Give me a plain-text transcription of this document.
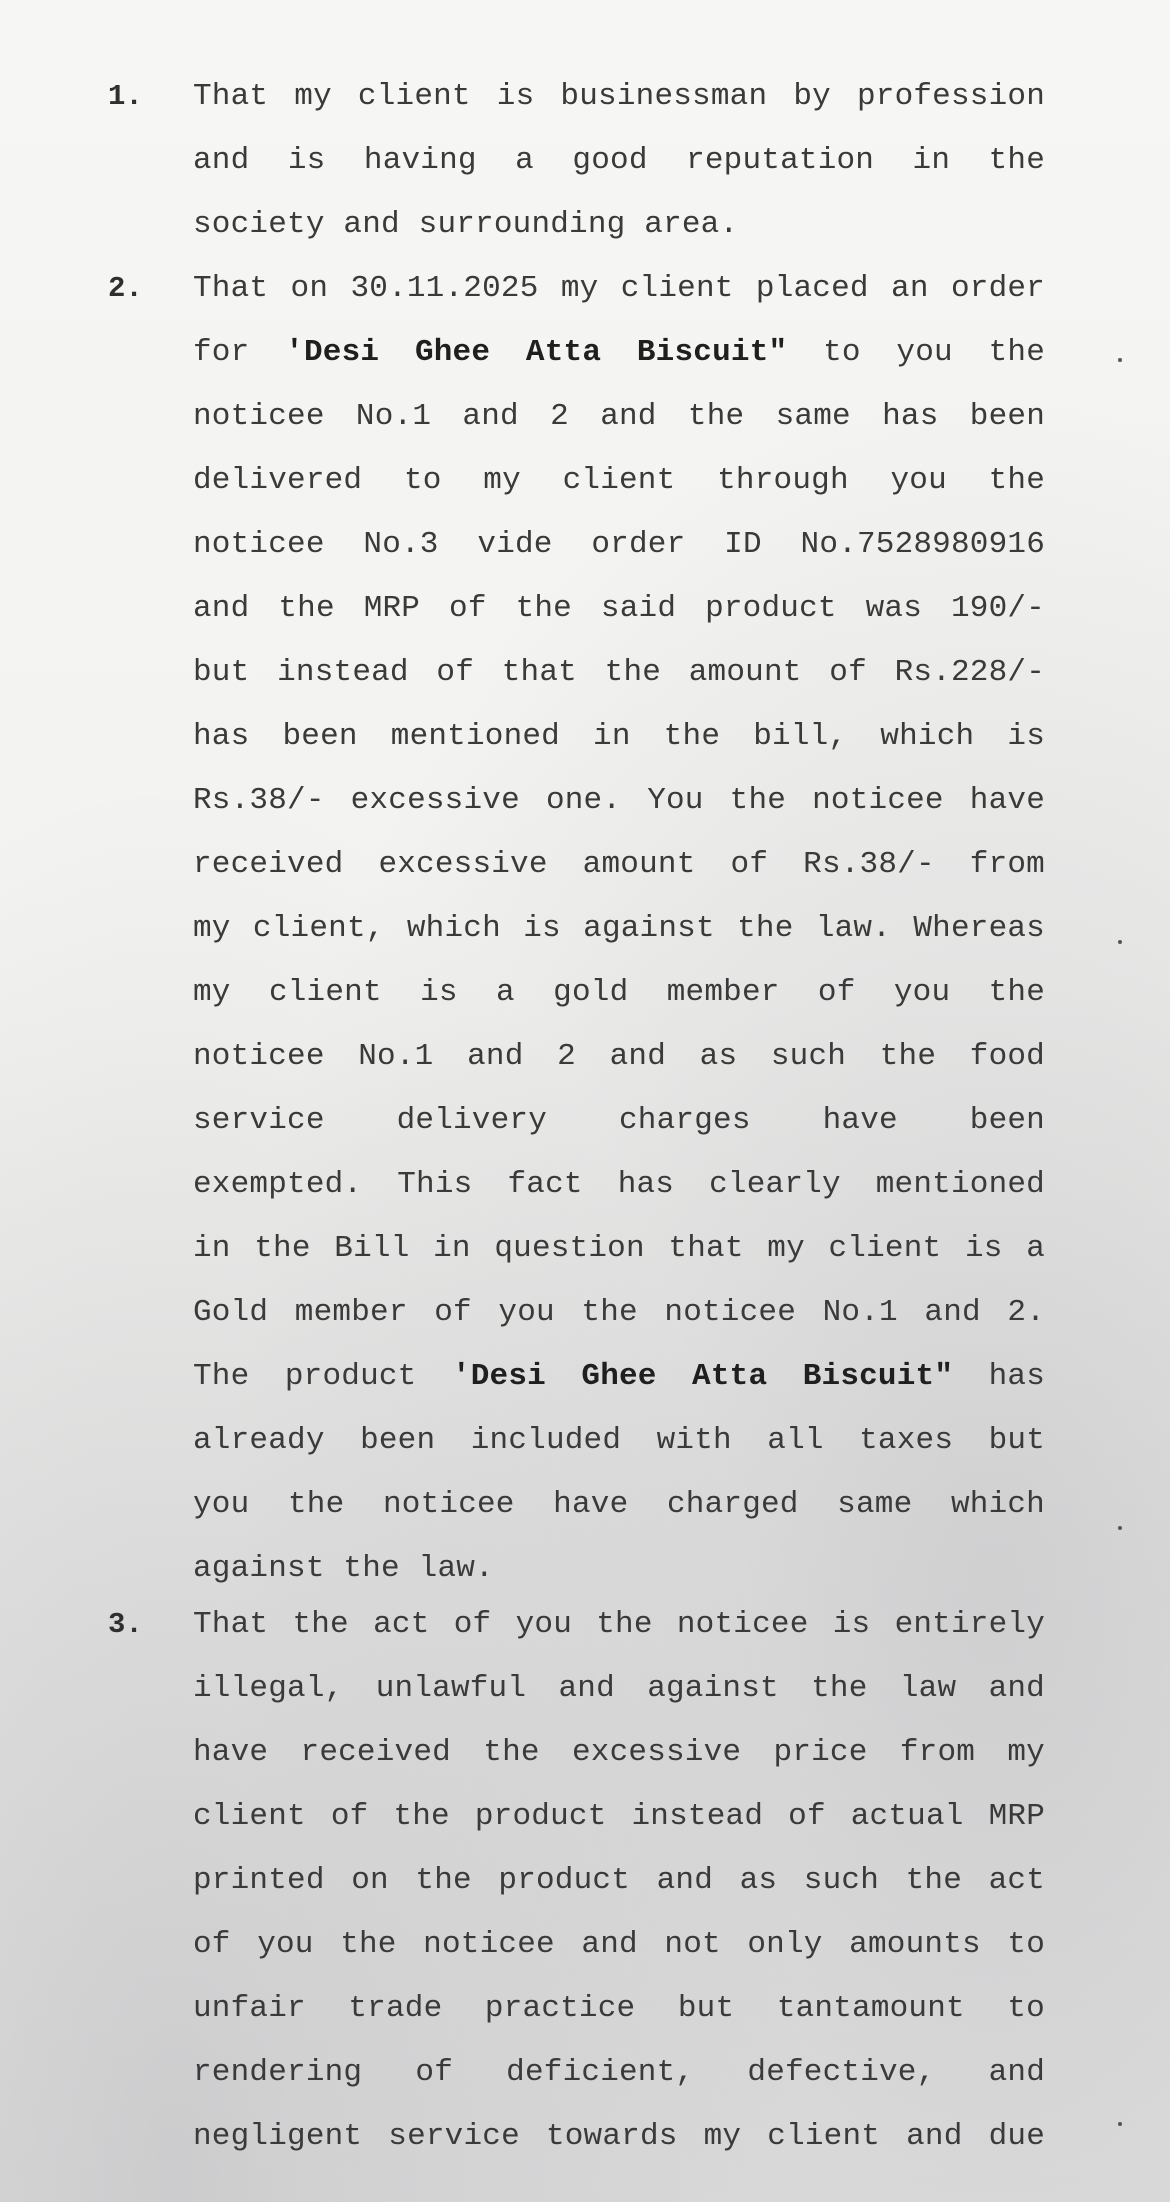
1. That my client is businessman by profession
and is having a good reputation in the
society and surrounding area.
2. That on 30.11.2025 my client placed an order
for 'Desi Ghee Atta Biscuit" to you the
noticee No.1 and 2 and the same has been
delivered to my client through you the
noticee No.3 vide order ID No.7528980916
and the MRP of the said product was 190/-
but instead of that the amount of Rs.228/-
has been mentioned in the bill, which is
Rs.38/- excessive one. You the noticee have
received excessive amount of Rs.38/- from
my client, which is against the law. Whereas
my client is a gold member of you the
noticee No.1 and 2 and as such the food
service delivery charges have been
exempted. This fact has clearly mentioned
in the Bill in question that my client is a
Gold member of you the noticee No.1 and 2.
The product 'Desi Ghee Atta Biscuit" has
already been included with all taxes but
you the noticee have charged same which
against the law.
3. That the act of you the noticee is entirely
illegal, unlawful and against the law and
have received the excessive price from my
client of the product instead of actual MRP
printed on the product and as such the act
of you the noticee and not only amounts to
unfair trade practice but tantamount to
rendering of deficient, defective, and
negligent service towards my client and due
